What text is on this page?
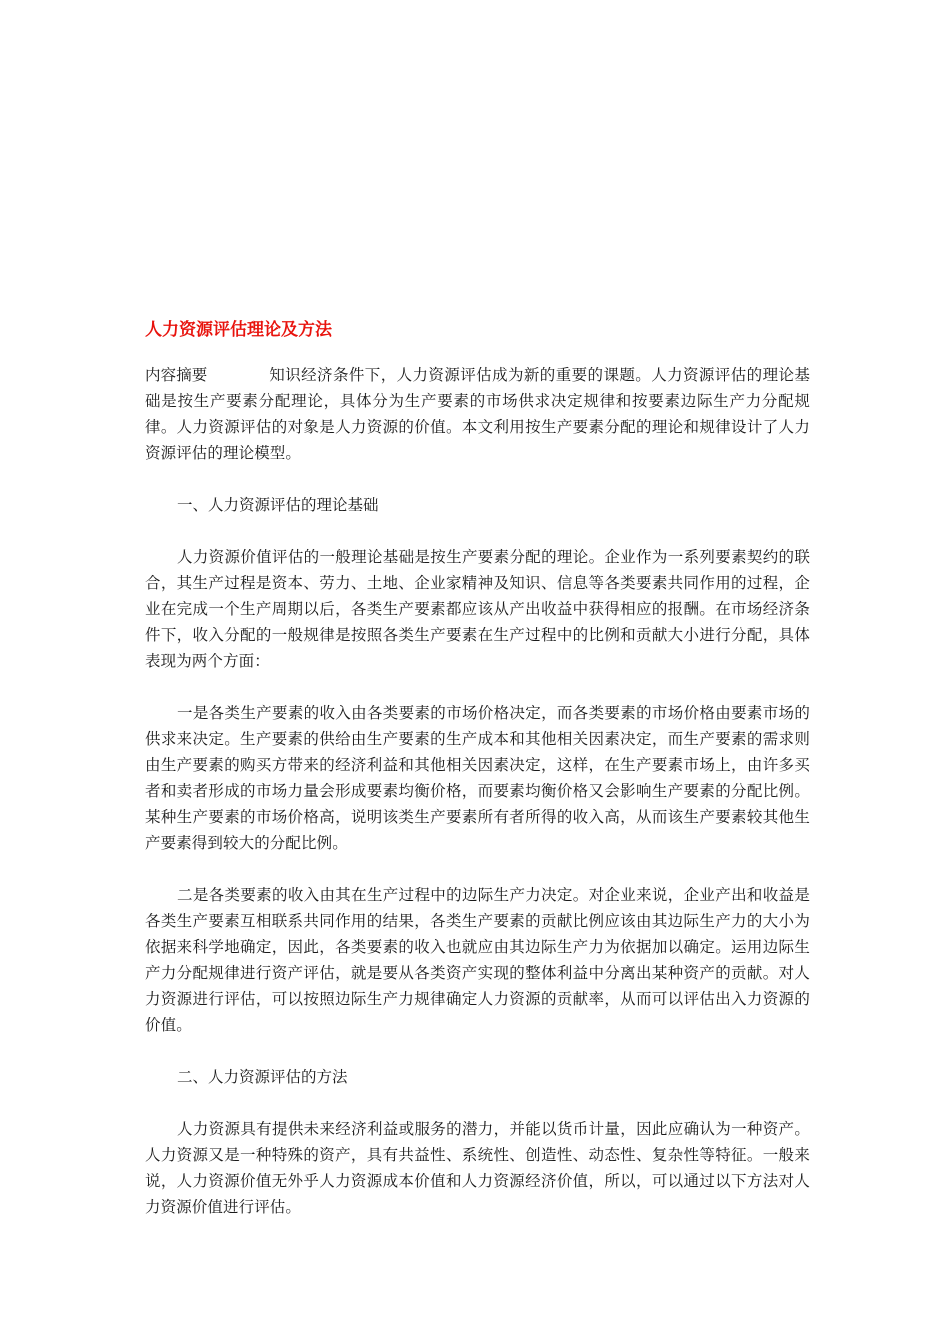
人力资源评估理论及方法

内容摘要	知识经济条件下，人力资源评估成为新的重要的课题。人力资源评估的理论基础是按生产要素分配理论，具体分为生产要素的市场供求决定规律和按要素边际生产力分配规律。人力资源评估的对象是人力资源的价值。本文利用按生产要素分配的理论和规律设计了人力资源评估的理论模型。

一、人力资源评估的理论基础

人力资源价值评估的一般理论基础是按生产要素分配的理论。企业作为一系列要素契约的联合，其生产过程是资本、劳力、土地、企业家精神及知识、信息等各类要素共同作用的过程，企业在完成一个生产周期以后，各类生产要素都应该从产出收益中获得相应的报酬。在市场经济条件下，收入分配的一般规律是按照各类生产要素在生产过程中的比例和贡献大小进行分配，具体表现为两个方面：

一是各类生产要素的收入由各类要素的市场价格决定，而各类要素的市场价格由要素市场的供求来决定。生产要素的供给由生产要素的生产成本和其他相关因素决定，而生产要素的需求则由生产要素的购买方带来的经济利益和其他相关因素决定，这样，在生产要素市场上，由许多买者和卖者形成的市场力量会形成要素均衡价格，而要素均衡价格又会影响生产要素的分配比例。某种生产要素的市场价格高，说明该类生产要素所有者所得的收入高，从而该生产要素较其他生产要素得到较大的分配比例。

二是各类要素的收入由其在生产过程中的边际生产力决定。对企业来说，企业产出和收益是各类生产要素互相联系共同作用的结果，各类生产要素的贡献比例应该由其边际生产力的大小为依据来科学地确定，因此，各类要素的收入也就应由其边际生产力为依据加以确定。运用边际生产力分配规律进行资产评估，就是要从各类资产实现的整体利益中分离出某种资产的贡献。对人力资源进行评估，可以按照边际生产力规律确定人力资源的贡献率，从而可以评估出入力资源的价值。

二、人力资源评估的方法

人力资源具有提供未来经济利益或服务的潜力，并能以货币计量，因此应确认为一种资产。人力资源又是一种特殊的资产，具有共益性、系统性、创造性、动态性、复杂性等特征。一般来说，人力资源价值无外乎人力资源成本价值和人力资源经济价值，所以，可以通过以下方法对人力资源价值进行评估。
